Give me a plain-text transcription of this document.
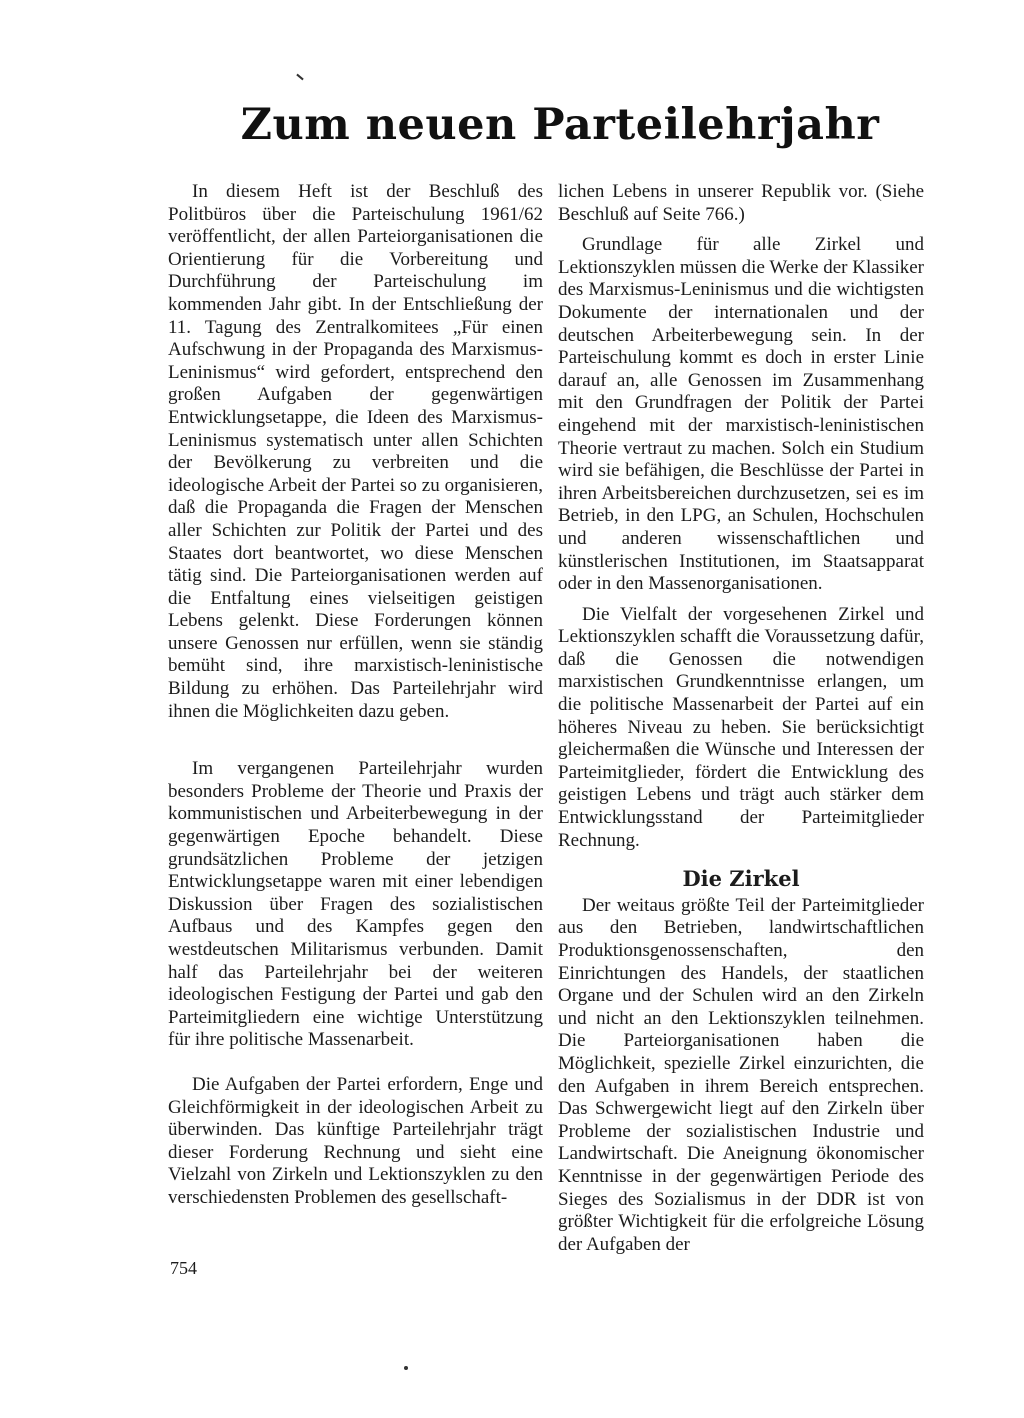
Zum neuen Parteilehrjahr

In diesem Heft ist der Beschluß des Politbüros über die Parteischulung 1961/62 veröffentlicht, der allen Parteiorganisationen die Orientierung für die Vorbereitung und Durchführung der Parteischulung im kommenden Jahr gibt. In der Entschließung der 11. Tagung des Zentralkomitees „Für einen Aufschwung in der Propaganda des Marxismus-Leninismus“ wird gefordert, entsprechend den großen Aufgaben der gegenwärtigen Entwicklungsetappe, die Ideen des Marxismus-Leninismus systematisch unter allen Schichten der Bevölkerung zu verbreiten und die ideologische Arbeit der Partei so zu organisieren, daß die Propaganda die Fragen der Menschen aller Schichten zur Politik der Partei und des Staates dort beantwortet, wo diese Menschen tätig sind. Die Parteiorganisationen werden auf die Entfaltung eines vielseitigen geistigen Lebens gelenkt. Diese Forderungen können unsere Genossen nur erfüllen, wenn sie ständig bemüht sind, ihre marxistisch-leninistische Bildung zu erhöhen. Das Parteilehrjahr wird ihnen die Möglichkeiten dazu geben.

Im vergangenen Parteilehrjahr wurden besonders Probleme der Theorie und Praxis der kommunistischen und Arbeiterbewegung in der gegenwärtigen Epoche behandelt. Diese grundsätzlichen Probleme der jetzigen Entwicklungsetappe waren mit einer lebendigen Diskussion über Fragen des sozialistischen Aufbaus und des Kampfes gegen den westdeutschen Militarismus verbunden. Damit half das Parteilehrjahr bei der weiteren ideologischen Festigung der Partei und gab den Parteimitgliedern eine wichtige Unterstützung für ihre politische Massenarbeit.

Die Aufgaben der Partei erfordern, Enge und Gleichförmigkeit in der ideologischen Arbeit zu überwinden. Das künftige Parteilehrjahr trägt dieser Forderung Rechnung und sieht eine Vielzahl von Zirkeln und Lektionszyklen zu den verschiedensten Problemen des gesellschaft-

lichen Lebens in unserer Republik vor. (Siehe Beschluß auf Seite 766.)

Grundlage für alle Zirkel und Lektionszyklen müssen die Werke der Klassiker des Marxismus-Leninismus und die wichtigsten Dokumente der internationalen und der deutschen Arbeiterbewegung sein. In der Parteischulung kommt es doch in erster Linie darauf an, alle Genossen im Zusammenhang mit den Grundfragen der Politik der Partei eingehend mit der marxistisch-leninistischen Theorie vertraut zu machen. Solch ein Studium wird sie befähigen, die Beschlüsse der Partei in ihren Arbeitsbereichen durchzusetzen, sei es im Betrieb, in den LPG, an Schulen, Hochschulen und anderen wissenschaftlichen und künstlerischen Institutionen, im Staatsapparat oder in den Massenorganisationen.

Die Vielfalt der vorgesehenen Zirkel und Lektionszyklen schafft die Voraussetzung dafür, daß die Genossen die notwendigen marxistischen Grundkenntnisse erlangen, um die politische Massenarbeit der Partei auf ein höheres Niveau zu heben. Sie berücksichtigt gleichermaßen die Wünsche und Interessen der Parteimitglieder, fördert die Entwicklung des geistigen Lebens und trägt auch stärker dem Entwicklungsstand der Parteimitglieder Rechnung.

Die Zirkel

Der weitaus größte Teil der Parteimitglieder aus den Betrieben, landwirtschaftlichen Produktionsgenossenschaften, den Einrichtungen des Handels, der staatlichen Organe und der Schulen wird an den Zirkeln und nicht an den Lektionszyklen teilnehmen. Die Parteiorganisationen haben die Möglichkeit, spezielle Zirkel einzurichten, die den Aufgaben in ihrem Bereich entsprechen. Das Schwergewicht liegt auf den Zirkeln über Probleme der sozialistischen Industrie und Landwirtschaft. Die Aneignung ökonomischer Kenntnisse in der gegenwärtigen Periode des Sieges des Sozialismus in der DDR ist von größter Wichtigkeit für die erfolgreiche Lösung der Aufgaben der

754
